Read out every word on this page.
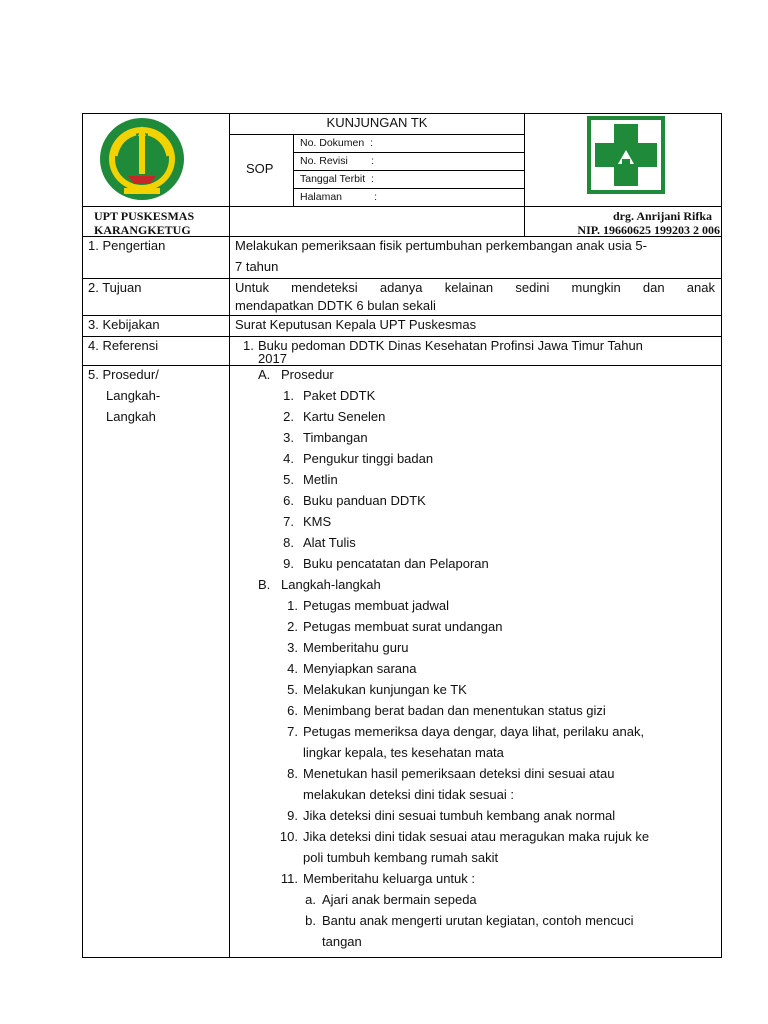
KUNJUNGAN TK
SOP
No. Dokumen  :
No. Revisi        :
Tanggal Terbit  :
Halaman           :
UPT PUSKESMAS
KARANGKETUG
drg. Anrijani Rifka
NIP. 19660625 199203 2 006
1. Pengertian	Melakukan pemeriksaan fisik pertumbuhan perkembangan anak usia 5-
7 tahun
2. Tujuan	Untuk mendeteksi adanya kelainan sedini mungkin dan anak
mendapatkan DDTK 6 bulan sekali
3. Kebijakan	Surat Keputusan Kepala UPT Puskesmas
4. Referensi	1. Buku pedoman DDTK Dinas Kesehatan Profinsi Jawa Timur Tahun
2017
5. Prosedur/
Langkah-
Langkah
A. Prosedur
1. Paket DDTK
2. Kartu Senelen
3. Timbangan
4. Pengukur tinggi badan
5. Metlin
6. Buku panduan DDTK
7. KMS
8. Alat Tulis
9. Buku pencatatan dan Pelaporan
B. Langkah-langkah
1. Petugas membuat jadwal
2. Petugas membuat surat undangan
3. Memberitahu guru
4. Menyiapkan sarana
5. Melakukan kunjungan ke TK
6. Menimbang berat badan dan menentukan status gizi
7. Petugas memeriksa daya dengar, daya lihat, perilaku anak,
lingkar kepala, tes kesehatan mata
8. Menetukan hasil pemeriksaan deteksi dini sesuai atau
melakukan deteksi dini tidak sesuai :
9. Jika deteksi dini sesuai tumbuh kembang anak normal
10. Jika deteksi dini tidak sesuai atau meragukan maka rujuk ke
poli tumbuh kembang rumah sakit
11. Memberitahu keluarga untuk :
a. Ajari anak bermain sepeda
b. Bantu anak mengerti urutan kegiatan, contoh mencuci
tangan
